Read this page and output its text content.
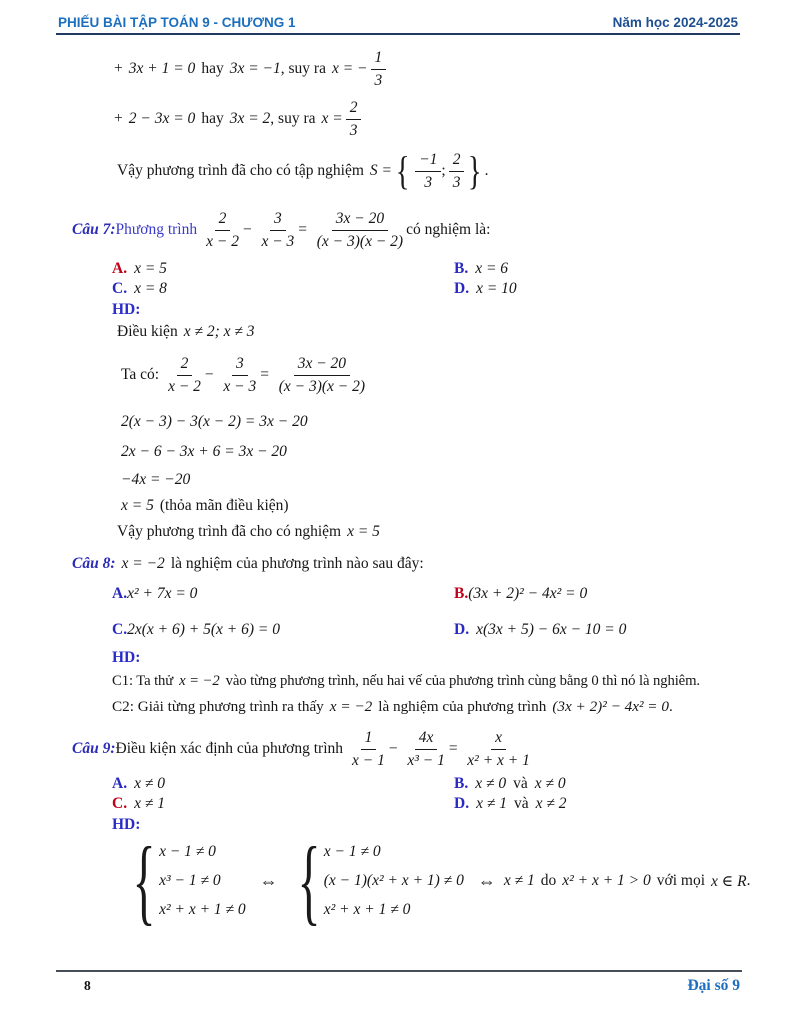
PHIẾU BÀI TẬP TOÁN 9 - CHƯƠNG 1	Năm học 2024-2025
+ 3x + 1 = 0 hay 3x = −1 , suy ra x = − $\frac{1}{3}$
+ 2 − 3x = 0 hay 3x = 2 , suy ra $x = \frac{2}{3}$
Vậy phương trình đã cho có tập nghiệm S = { $\frac{-1}{3}$ ; $\frac{2}{3}$ } .
Câu 7: Phương trình $\frac{2}{x - 2} - \frac{3}{x - 3} = \frac{3x - 20}{(x - 3)(x - 2)}$ có nghiệm là:
A. x = 5	B. x = 6
C. x = 8	D. x = 10
HD:
Điều kiện x ≠ 2; x ≠ 3
Ta có: $\frac{2}{x - 2} - \frac{3}{x - 3} = \frac{3x - 20}{(x - 3)(x - 2)}$
2(x − 3) − 3(x − 2) = 3x − 20
2x − 6 − 3x + 6 = 3x − 20
−4x = −20
x = 5 (thỏa mãn điều kiện)
Vậy phương trình đã cho có nghiệm x = 5
Câu 8: x = −2 là nghiệm của phương trình nào sau đây:
A. x² + 7x = 0	B. (3x + 2)² − 4x² = 0
C. 2x(x + 6) + 5(x + 6) = 0	D. x(3x + 5) − 6x − 10 = 0
HD:
C1: Ta thử x = −2 vào từng phương trình, nếu hai vế của phương trình cùng bằng 0 thì nó là nghiêm.
C2: Giải từng phương trình ra thấy x = −2 là nghiệm của phương trình (3x + 2)² − 4x² = 0 .
Câu 9: Điều kiện xác định của phương trình $\frac{1}{x - 1} - \frac{4x}{\text{x³ − 1}} = \frac{x}{\text{x² + x + 1}}$
A. x ≠ 0	B. x ≠ 0 và x ≠ 0
C. x ≠ 1	D. x ≠ 1 và x ≠ 2
HD:
{ x − 1 ≠ 0
x³ − 1 ≠ 0
x² + x + 1 ≠ 0
⇔ { x − 1 ≠ 0
(x − 1)(x² + x + 1) ≠ 0
x² + x + 1 ≠ 0
⇔ x ≠ 1 do x² + x + 1 > 0 với mọi x ∈ R .
8	Đại số 9
